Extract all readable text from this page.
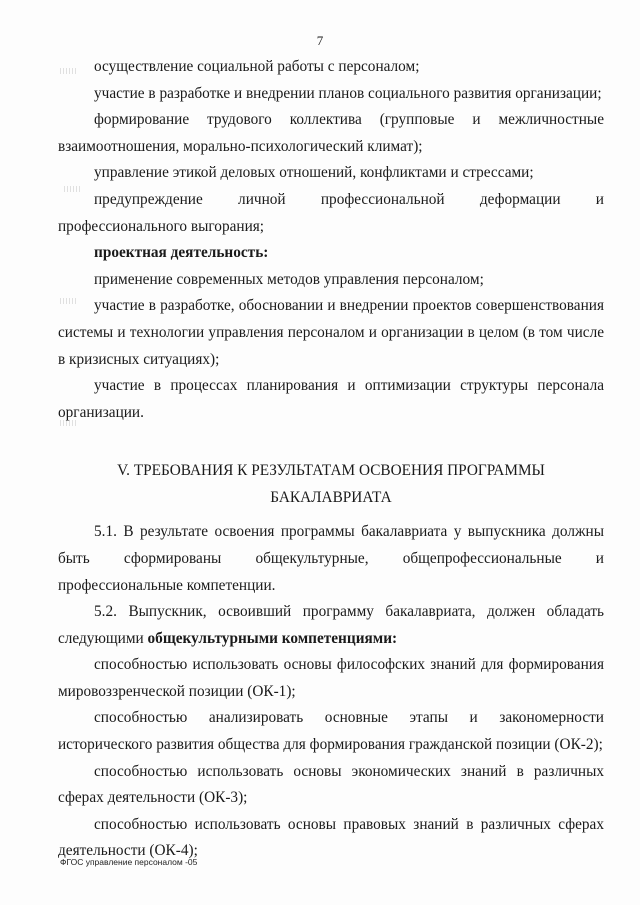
7

осуществление социальной работы с персоналом;

участие в разработке и внедрении планов социального развития организации;

формирование трудового коллектива (групповые и межличностные взаимоотношения, морально-психологический климат);

управление этикой деловых отношений, конфликтами и стрессами;

предупреждение личной профессиональной деформации и профессионального выгорания;

проектная деятельность:

применение современных методов управления персоналом;

участие в разработке, обосновании и внедрении проектов совершенствования системы и технологии управления персоналом и организации в целом (в том числе в кризисных ситуациях);

участие в процессах планирования и оптимизации структуры персонала организации.

V. ТРЕБОВАНИЯ К РЕЗУЛЬТАТАМ ОСВОЕНИЯ ПРОГРАММЫ
БАКАЛАВРИАТА

5.1. В результате освоения программы бакалавриата у выпускника должны быть сформированы общекультурные, общепрофессиональные и профессиональные компетенции.

5.2. Выпускник, освоивший программу бакалавриата, должен обладать следующими общекультурными компетенциями:

способностью использовать основы философских знаний для формирования мировоззренческой позиции (ОК-1);

способностью анализировать основные этапы и закономерности исторического развития общества для формирования гражданской позиции (ОК-2);

способностью использовать основы экономических знаний в различных сферах деятельности (ОК-3);

способностью использовать основы правовых знаний в различных сферах деятельности (ОК-4);

ФГОС управление персоналом -05
